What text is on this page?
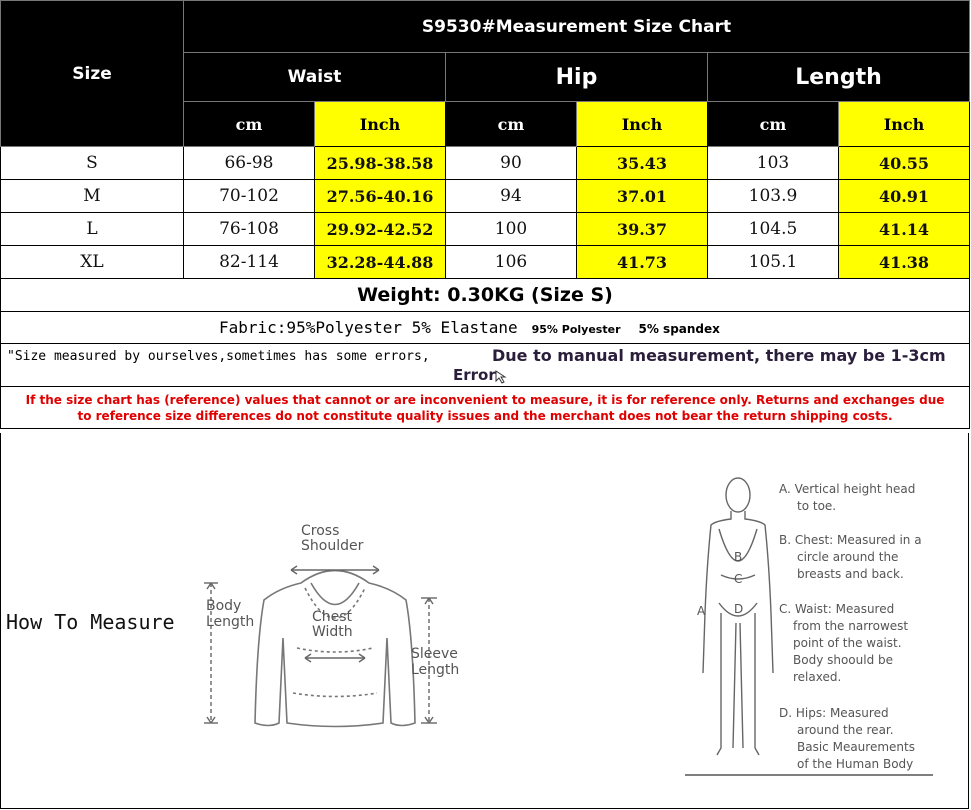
Size	S9530#Measurement Size Chart					
	Waist		Hip		Length	
	cm	Inch	cm	Inch	cm	Inch
S	66-98	25.98-38.58	90	35.43	103	40.55
M	70-102	27.56-40.16	94	37.01	103.9	40.91
L	76-108	29.92-42.52	100	39.37	104.5	41.14
XL	82-114	32.28-44.88	106	41.73	105.1	41.38
Weight: 0.30KG (Size S)						
Fabric:95%Polyester 5% Elastane 95% Polyester 5% spandex						

"Size measured by ourselves,sometimes has some errors, Due to manual measurement, there may be 1-3cm
Error						

If the size chart has (reference) values that cannot or are inconvenient to measure, it is for reference only. Returns and exchanges due to reference size differences do not constitute quality issues and the merchant does not bear the return shipping costs.						
How To Measure
Cross
Shoulder
Body
Length	Chest
Width
Sleeve
Length
A
B
C
D
A. Vertical height head
to toe.
B. Chest: Measured in a
circle around the
breasts and back.
C. Waist: Measured
from the narrowest
point of the waist.
Body shoould be
relaxed.
D. Hips: Measured
around the rear.
Basic Meaurements
of the Human Body
